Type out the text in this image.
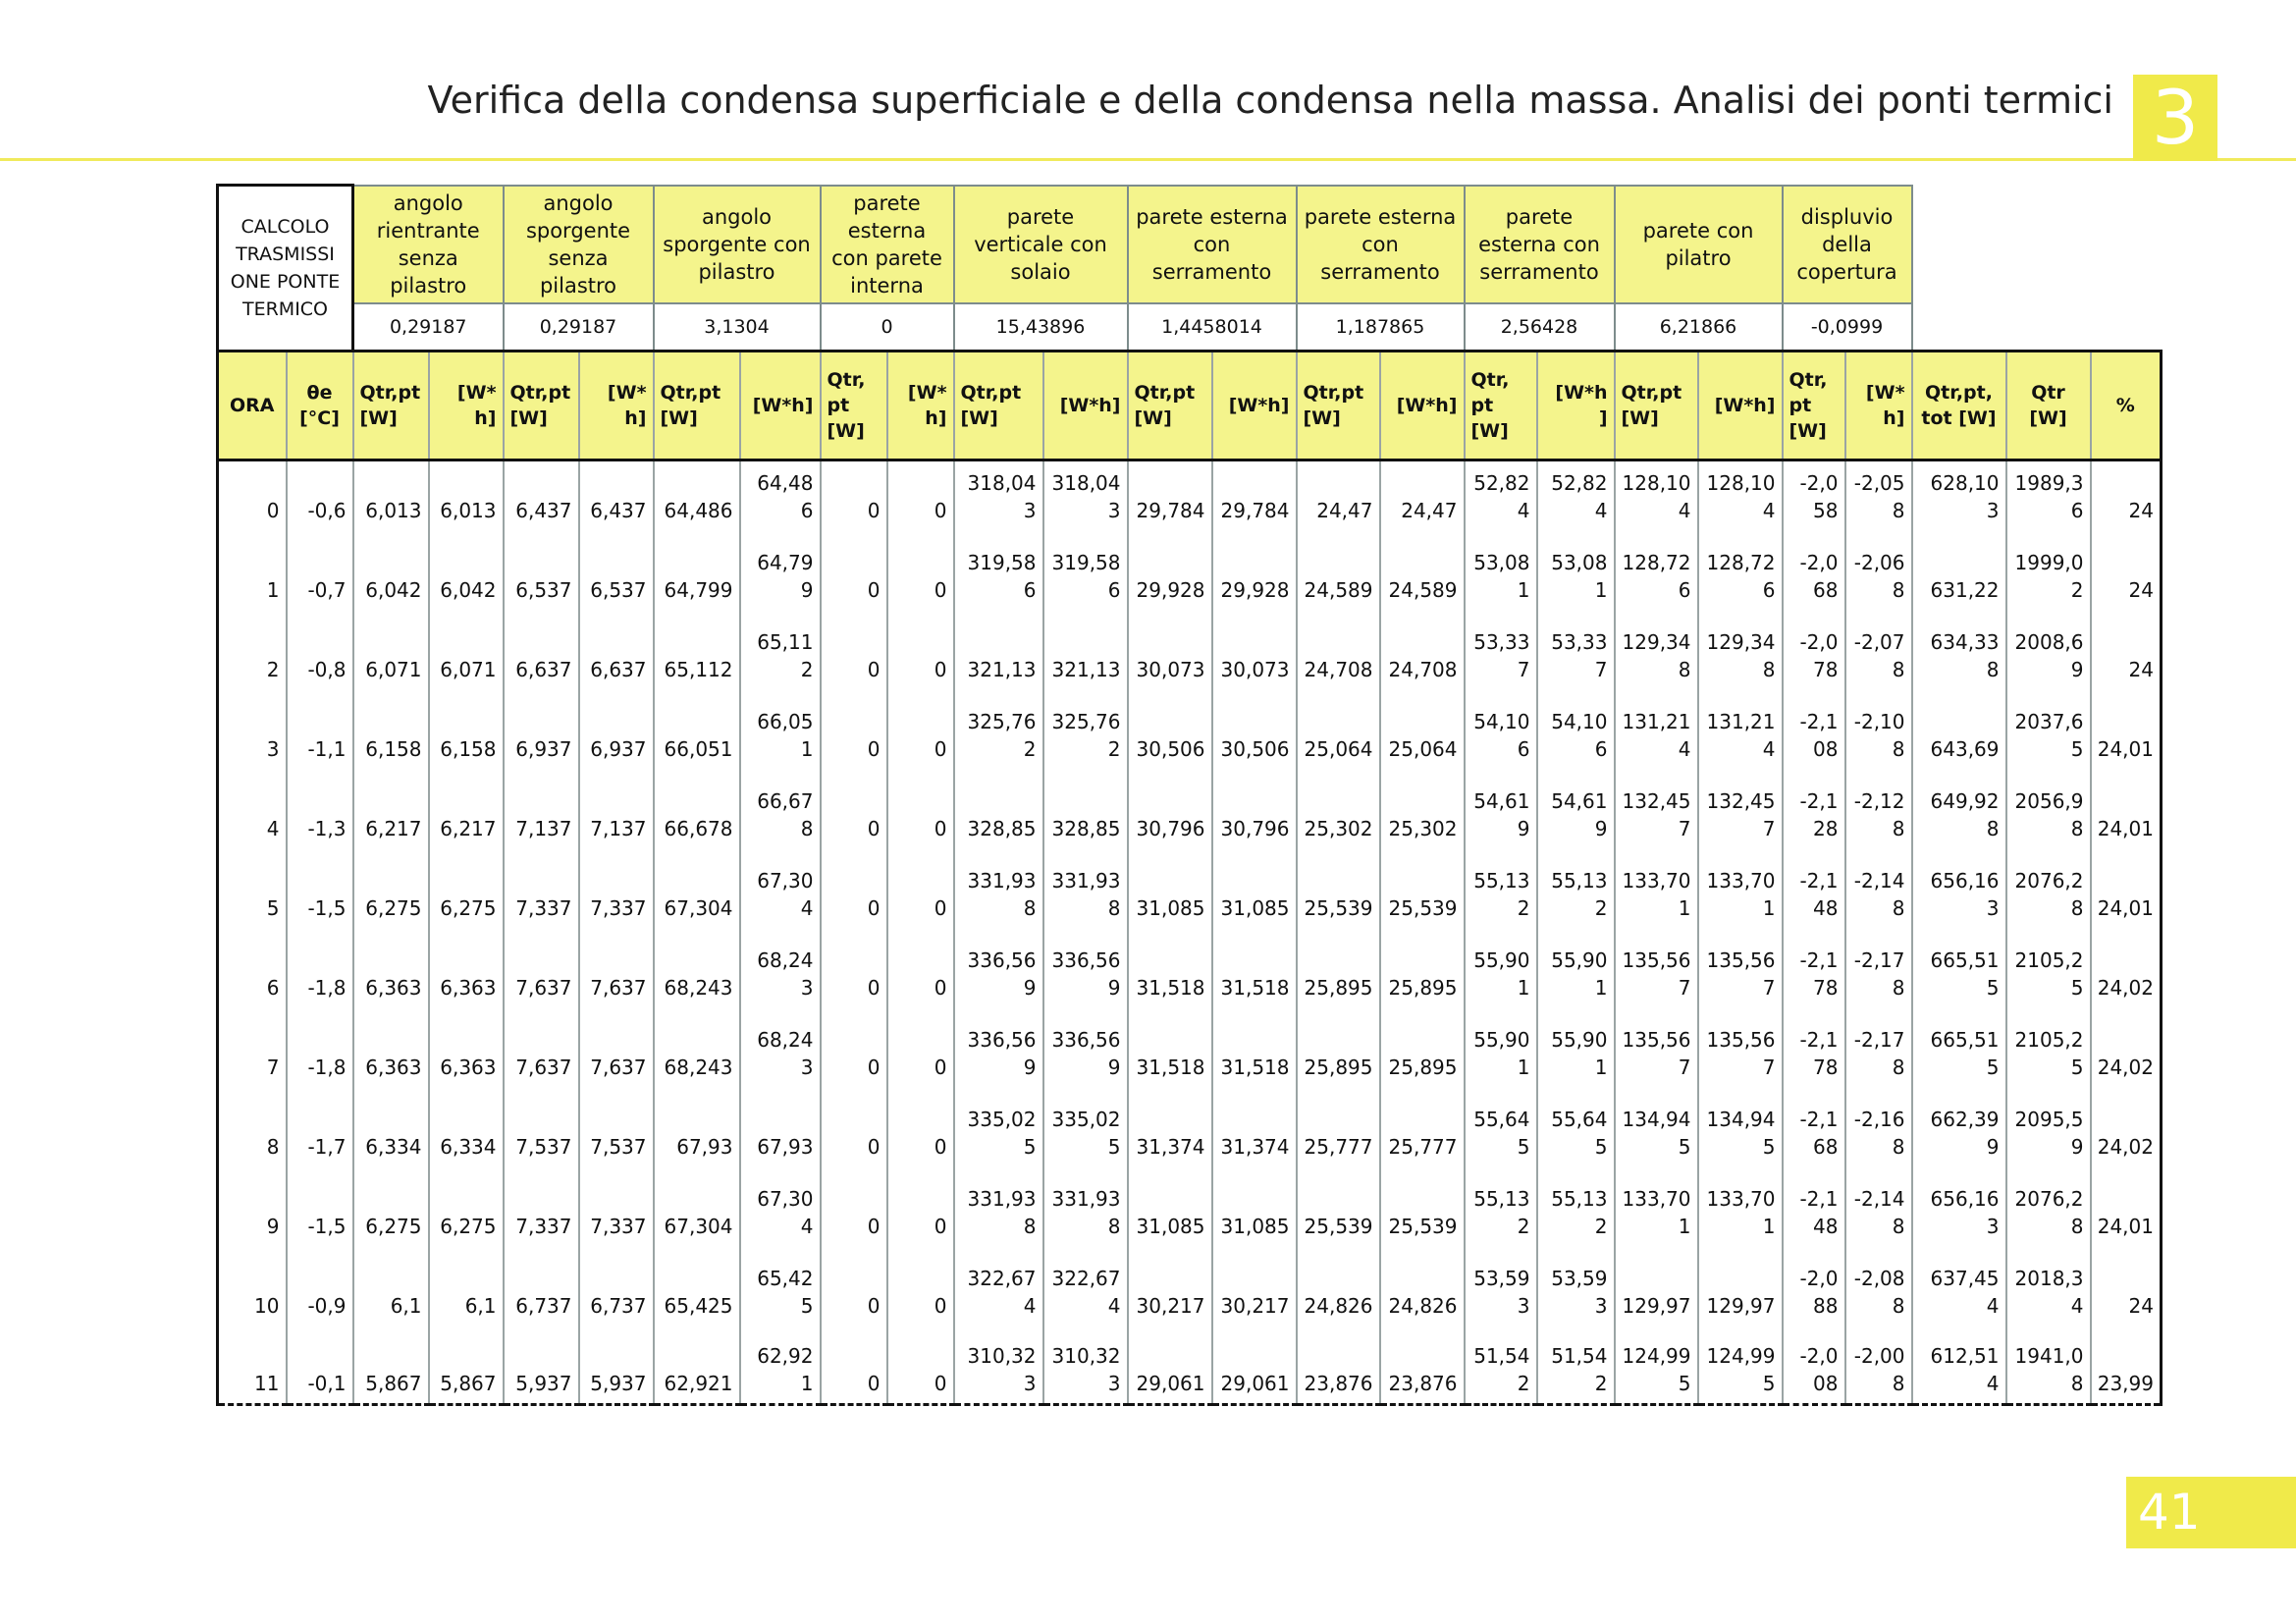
Verifica della condensa superficiale e della condensa nella massa. Analisi dei ponti termici 3
CALCOLO TRASMISSI ONE PONTE TERMICO		angolo rientrante senza pilastro		angolo sporgente senza pilastro		angolo sporgente con pilastro		parete esterna con parete interna		parete verticale con solaio		parete esterna con serramento		parete esterna con serramento		parete esterna con serramento		parete con pilatro		displuvio della copertura				
		0,29187		0,29187		3,1304		0		15,43896		1,4458014		1,187865		2,56428		6,21866		-0,0999				
ORA	θe [°C]	Qtr,pt [W]	[W* h]	Qtr,pt [W]	[W* h]	Qtr,pt [W]	[W*h]	Qtr, pt [W]	[W* h]	Qtr,pt [W]	[W*h]	Qtr,pt [W]	[W*h]	Qtr,pt [W]	[W*h]	Qtr, pt [W]	[W*h ]	Qtr,pt [W]	[W*h]	Qtr, pt [W]	[W* h]	Qtr,pt, tot [W]	Qtr [W]	%

0	-0,6	6,013	6,013	6,437	6,437	64,486	64,486	0	0	318,043	318,043	29,784	29,784	24,47	24,47	52,824	52,824	128,104	128,104	-2,058	-2,058	628,103	1989,36	24

1	-0,7	6,042	6,042	6,537	6,537	64,799	64,799	0	0	319,586	319,586	29,928	29,928	24,589	24,589	53,081	53,081	128,726	128,726	-2,068	-2,068	631,22	1999,02	24

2	-0,8	6,071	6,071	6,637	6,637	65,112	65,112	0	0	321,13	321,13	30,073	30,073	24,708	24,708	53,337	53,337	129,348	129,348	-2,078	-2,078	634,338	2008,69	24

3	-1,1	6,158	6,158	6,937	6,937	66,051	66,051	0	0	325,762	325,762	30,506	30,506	25,064	25,064	54,106	54,106	131,214	131,214	-2,108	-2,108	643,69	2037,65	24,01

4	-1,3	6,217	6,217	7,137	7,137	66,678	66,678	0	0	328,85	328,85	30,796	30,796	25,302	25,302	54,619	54,619	132,457	132,457	-2,128	-2,128	649,928	2056,98	24,01

5	-1,5	6,275	6,275	7,337	7,337	67,304	67,304	0	0	331,938	331,938	31,085	31,085	25,539	25,539	55,132	55,132	133,701	133,701	-2,148	-2,148	656,163	2076,28	24,01

6	-1,8	6,363	6,363	7,637	7,637	68,243	68,243	0	0	336,569	336,569	31,518	31,518	25,895	25,895	55,901	55,901	135,567	135,567	-2,178	-2,178	665,515	2105,25	24,02

7	-1,8	6,363	6,363	7,637	7,637	68,243	68,243	0	0	336,569	336,569	31,518	31,518	25,895	25,895	55,901	55,901	135,567	135,567	-2,178	-2,178	665,515	2105,25	24,02

8	-1,7	6,334	6,334	7,537	7,537	67,93	67,93	0	0	335,025	335,025	31,374	31,374	25,777	25,777	55,645	55,645	134,945	134,945	-2,168	-2,168	662,399	2095,59	24,02

9	-1,5	6,275	6,275	7,337	7,337	67,304	67,304	0	0	331,938	331,938	31,085	31,085	25,539	25,539	55,132	55,132	133,701	133,701	-2,148	-2,148	656,163	2076,28	24,01

10	-0,9	6,1	6,1	6,737	6,737	65,425	65,425	0	0	322,674	322,674	30,217	30,217	24,826	24,826	53,593	53,593	129,97	129,97	-2,088	-2,088	637,454	2018,34	24

11	-0,1	5,867	5,867	5,937	5,937	62,921	62,921	0	0	310,323	310,323	29,061	29,061	23,876	23,876	51,542	51,542	124,995	124,995	-2,008	-2,008	612,514	1941,08	23,99
41
